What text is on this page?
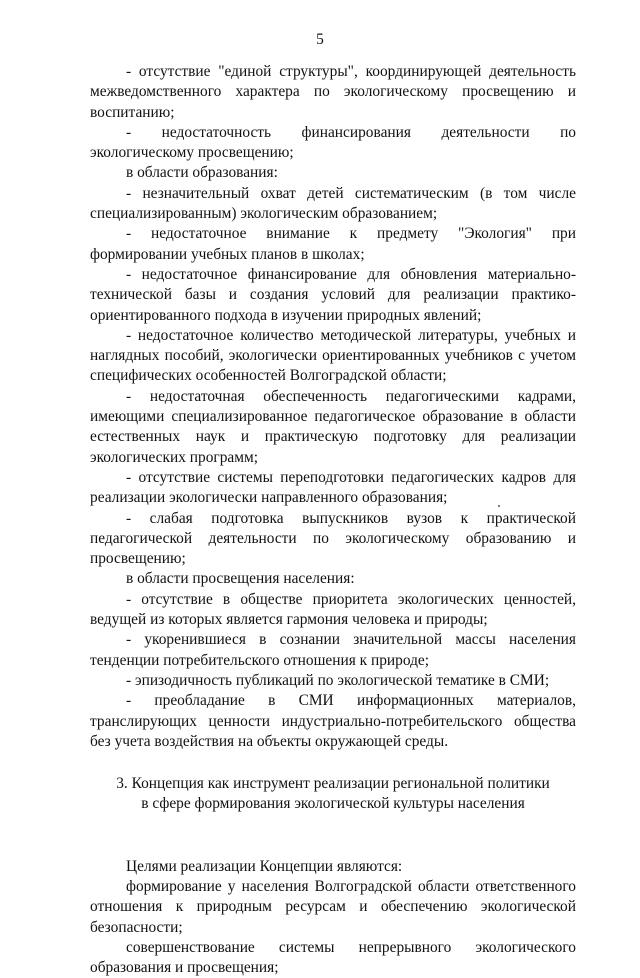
5

- отсутствие "единой структуры", координирующей деятельность межведомственного характера по экологическому просвещению и воспитанию;

- недостаточность финансирования деятельности по экологическому просвещению;

в области образования:

- незначительный охват детей систематическим (в том числе специализированным) экологическим образованием;

- недостаточное внимание к предмету "Экология" при формировании учебных планов в школах;

- недостаточное финансирование для обновления материально-технической базы и создания условий для реализации практико-ориентированного подхода в изучении природных явлений;

- недостаточное количество методической литературы, учебных и наглядных пособий, экологически ориентированных учебников с учетом специфических особенностей Волгоградской области;

- недостаточная обеспеченность педагогическими кадрами, имеющими специализированное педагогическое образование в области естественных наук и практическую подготовку для реализации экологических программ;

- отсутствие системы переподготовки педагогических кадров для реализации экологически направленного образования;

- слабая подготовка выпускников вузов к практической педагогической деятельности по экологическому образованию и просвещению;

в области просвещения населения:

- отсутствие в обществе приоритета экологических ценностей, ведущей из которых является гармония человека и природы;

- укоренившиеся в сознании значительной массы населения тенденции потребительского отношения к природе;

- эпизодичность публикаций по экологической тематике в СМИ;

- преобладание в СМИ информационных материалов, транслирующих ценности индустриально-потребительского общества без учета воздействия на объекты окружающей среды.

3. Концепция как инструмент реализации региональной политики

в сфере формирования экологической культуры населения

Целями реализации Концепции являются:

формирование у населения Волгоградской области ответственного отношения к природным ресурсам и обеспечению экологической безопасности;

совершенствование системы непрерывного экологического образования и просвещения;
